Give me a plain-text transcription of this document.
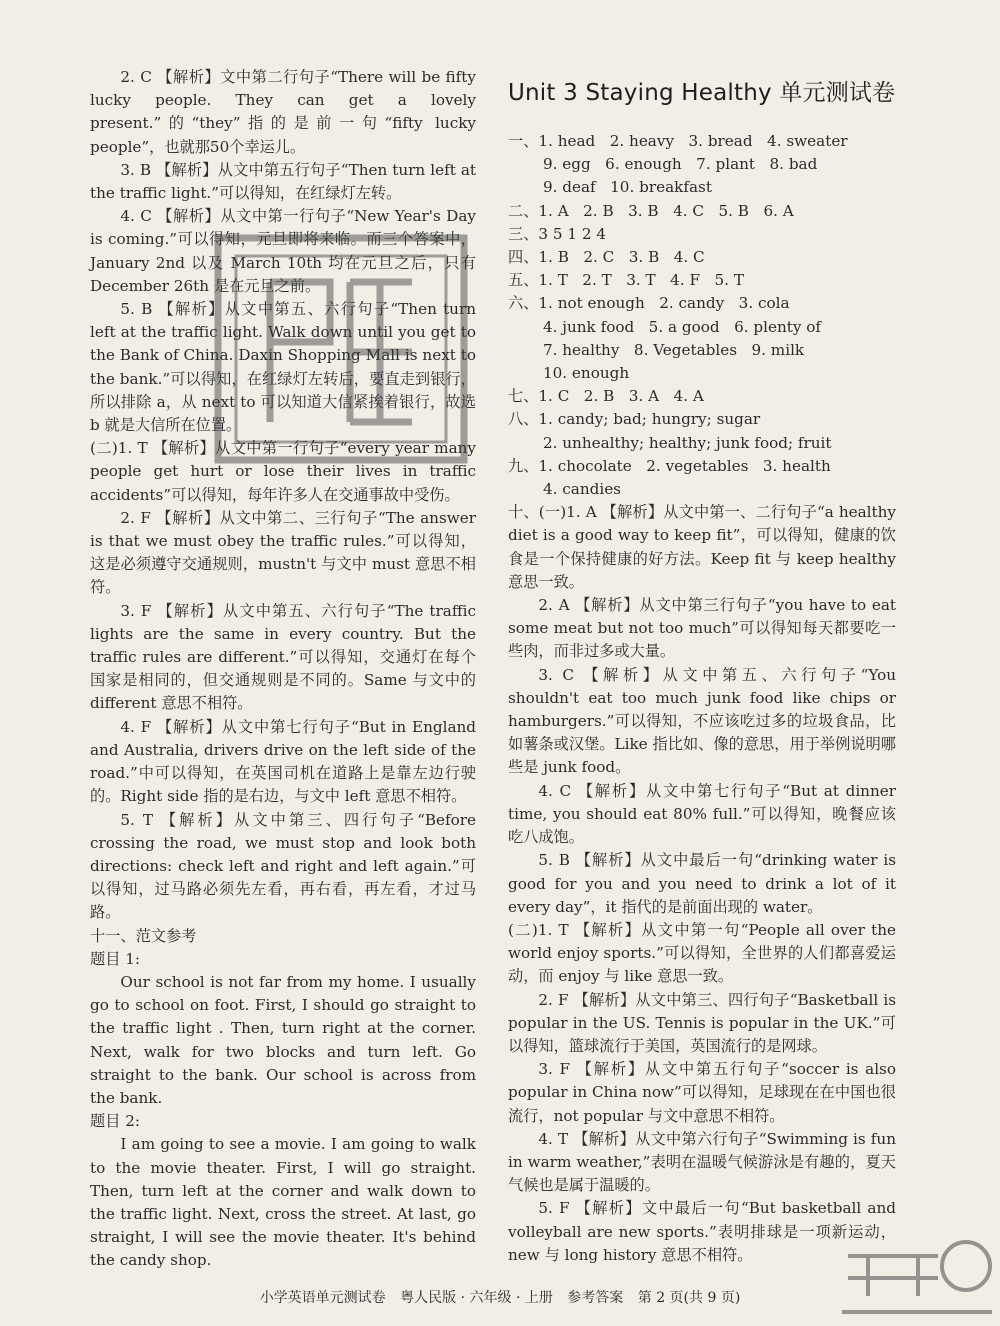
2. C 【解析】文中第二行句子“There will be fifty lucky people. They can get a lovely present.”的“they”指的是前一句“fifty lucky people”，也就那50个幸运儿。

3. B 【解析】从文中第五行句子“Then turn left at the traffic light.”可以得知，在红绿灯左转。

4. C 【解析】从文中第一行句子“New Year's Day is coming.”可以得知，元旦即将来临。而三个答案中，January 2nd 以及 March 10th 均在元旦之后，只有 December 26th 是在元旦之前。

5. B 【解析】从文中第五、六行句子“Then turn left at the traffic light. Walk down until you get to the Bank of China. Daxin Shopping Mall is next to the bank.”可以得知，在红绿灯左转后，要直走到银行，所以排除 a，从 next to 可以知道大信紧挨着银行，故选 b 就是大信所在位置。

(二)1. T 【解析】从文中第一行句子“every year many people get hurt or lose their lives in traffic accidents”可以得知，每年许多人在交通事故中受伤。

2. F 【解析】从文中第二、三行句子“The answer is that we must obey the traffic rules.”可以得知，这是必须遵守交通规则，mustn't 与文中 must 意思不相符。

3. F 【解析】从文中第五、六行句子“The traffic lights are the same in every country. But the traffic rules are different.”可以得知，交通灯在每个国家是相同的，但交通规则是不同的。Same 与文中的 different 意思不相符。

4. F 【解析】从文中第七行句子“But in England and Australia, drivers drive on the left side of the road.”中可以得知，在英国司机在道路上是靠左边行驶的。Right side 指的是右边，与文中 left 意思不相符。

5. T 【解析】从文中第三、四行句子“Before crossing the road, we must stop and look both directions: check left and right and left again.”可以得知，过马路必须先左看，再右看，再左看，才过马路。

十一、范文参考

题目 1:

Our school is not far from my home. I usually go to school on foot. First, I should go straight to the traffic light . Then, turn right at the corner. Next, walk for two blocks and turn left. Go straight to the bank. Our school is across from the bank.

题目 2:

I am going to see a movie. I am going to walk to the movie theater. First, I will go straight. Then, turn left at the corner and walk down to the traffic light. Next, cross the street. At last, go straight, I will see the movie theater. It's behind the candy shop.

Unit 3 Staying Healthy 单元测试卷

一、1. head   2. heavy   3. bread   4. sweater

9. egg   6. enough   7. plant   8. bad

9. deaf   10. breakfast

二、1. A   2. B   3. B   4. C   5. B   6. A

三、3 5 1 2 4

四、1. B   2. C   3. B   4. C

五、1. T   2. T   3. T   4. F   5. T

六、1. not enough   2. candy   3. cola

4. junk food   5. a good   6. plenty of

7. healthy   8. Vegetables   9. milk

10. enough

七、1. C   2. B   3. A   4. A

八、1. candy; bad; hungry; sugar

2. unhealthy; healthy; junk food; fruit

九、1. chocolate   2. vegetables   3. health

4. candies

十、(一)1. A 【解析】从文中第一、二行句子“a healthy diet is a good way to keep fit”，可以得知，健康的饮食是一个保持健康的好方法。Keep fit 与 keep healthy 意思一致。

2. A 【解析】从文中第三行句子“you have to eat some meat but not too much”可以得知每天都要吃一些肉，而非过多或大量。

3. C 【解析】从文中第五、六行句子“You shouldn't eat too much junk food like chips or hamburgers.”可以得知，不应该吃过多的垃圾食品，比如薯条或汉堡。Like 指比如、像的意思，用于举例说明哪些是 junk food。

4. C 【解析】从文中第七行句子“But at dinner time, you should eat 80% full.”可以得知，晚餐应该吃八成饱。

5. B 【解析】从文中最后一句“drinking water is good for you and you need to drink a lot of it every day”，it 指代的是前面出现的 water。

(二)1. T 【解析】从文中第一句“People all over the world enjoy sports.”可以得知，全世界的人们都喜爱运动，而 enjoy 与 like 意思一致。

2. F 【解析】从文中第三、四行句子“Basketball is popular in the US. Tennis is popular in the UK.”可以得知，篮球流行于美国，英国流行的是网球。

3. F 【解析】从文中第五行句子“soccer is also popular in China now”可以得知，足球现在在中国也很流行，not popular 与文中意思不相符。

4. T 【解析】从文中第六行句子“Swimming is fun in warm weather,”表明在温暖气候游泳是有趣的，夏天气候也是属于温暖的。

5. F 【解析】文中最后一句“But basketball and volleyball are new sports.”表明排球是一项新运动，new 与 long history 意思不相符。

小学英语单元测试卷 粤人民版 · 六年级 · 上册 参考答案 第 2 页(共 9 页)
